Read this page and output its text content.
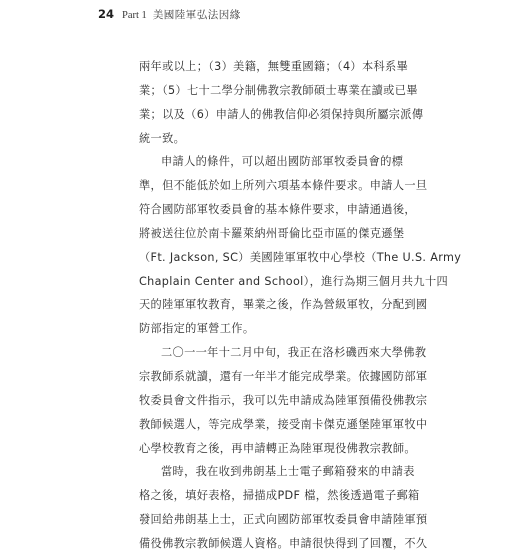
24 Part 1 美國陸軍弘法因緣
兩年或以上；（3）美籍，無雙重國籍；（4）本科系畢
業；（5）七十二學分制佛教宗教師碩士專業在讀或已畢
業；以及（6）申請人的佛教信仰必須保持與所屬宗派傳
統一致。
申請人的條件，可以超出國防部軍牧委員會的標
準，但不能低於如上所列六項基本條件要求。申請人一旦
符合國防部軍牧委員會的基本條件要求，申請通過後，
將被送往位於南卡羅萊納州哥倫比亞市區的傑克遜堡
（Ft. Jackson, SC）美國陸軍軍牧中心學校（The U.S. Army
Chaplain Center and School），進行為期三個月共九十四
天的陸軍軍牧教育，畢業之後，作為營級軍牧，分配到國
防部指定的軍營工作。
二〇一一年十二月中旬，我正在洛杉磯西來大學佛教
宗教師系就讀，還有一年半才能完成學業。依據國防部軍
牧委員會文件指示，我可以先申請成為陸軍預備役佛教宗
教師候選人，等完成學業，接受南卡傑克遜堡陸軍軍牧中
心學校教育之後，再申請轉正為陸軍現役佛教宗教師。
當時，我在收到弗朗基上士電子郵箱發來的申請表
格之後，填好表格，掃描成PDF 檔，然後透過電子郵箱
發回給弗朗基上士，正式向國防部軍牧委員會申請陸軍預
備役佛教宗教師候選人資格。申請很快得到了回覆，不久
